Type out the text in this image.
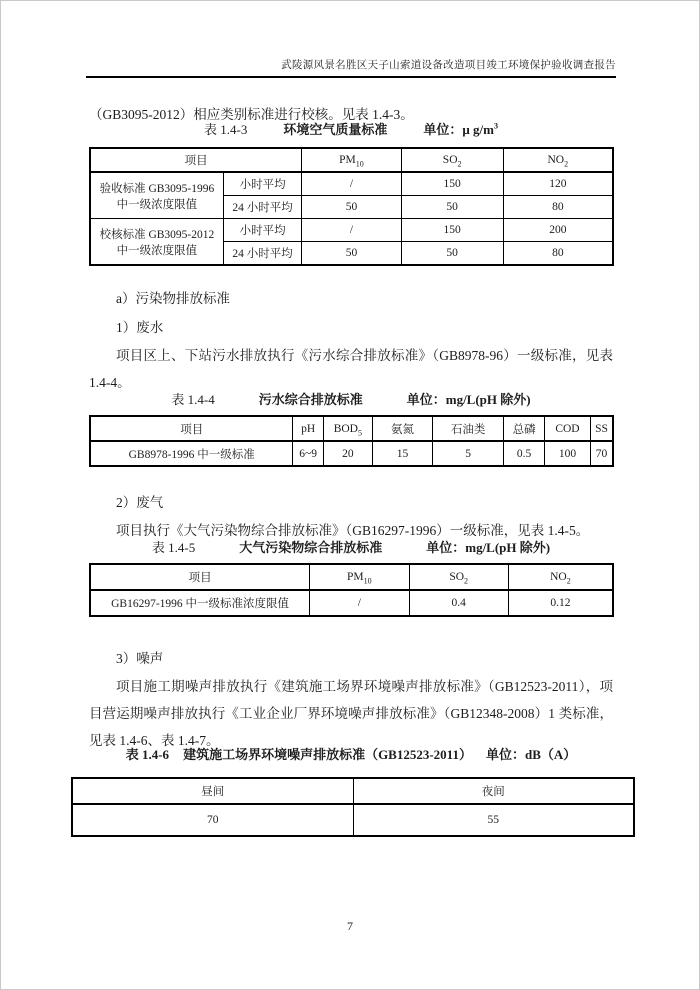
武陵源风景名胜区天子山索道设备改造项目竣工环境保护验收调查报告

（GB3095-2012）相应类别标准进行校核。见表 1.4-3。

表 1.4-3	环境空气质量标准	单位：μ $g/m^3$
项目		$PM_{10}$	$SO_2$	$NO_2$

验收标准 GB3095-1996
中一级浓度限值	小时平均	/	150	120
	24 小时平均	50	50	80

校核标准 GB3095-2012
中一级浓度限值	小时平均	/	150	200
	24 小时平均	50	50	80

a）污染物排放标准

1）废水

项目区上、下站污水排放执行《污水综合排放标准》（GB8978-96）一级标准，见表 1.4-4。

表 1.4-4	污水综合排放标准	单位：mg/L(pH 除外)
项目	pH	$BOD_5$	氨氮	石油类	总磷	COD	SS
GB8978-1996 中一级标准	6~9	20	15	5	0.5	100	70

2）废气

项目执行《大气污染物综合排放标准》（GB16297-1996）一级标准，见表 1.4-5。

表 1.4-5	大气污染物综合排放标准	单位：mg/L(pH 除外)
项目	$PM_{10}$	$SO_2$	$NO_2$
GB16297-1996 中一级标准浓度限值	/	0.4	0.12

3）噪声

项目施工期噪声排放执行《建筑施工场界环境噪声排放标准》（GB12523-2011），项目营运期噪声排放执行《工业企业厂界环境噪声排放标准》（GB12348-2008）1 类标准，见表 1.4-6、表 1.4-7。

表 1.4-6 建筑施工场界环境噪声排放标准（GB12523-2011） 单位：dB（A）
昼间	夜间
70	55
7
